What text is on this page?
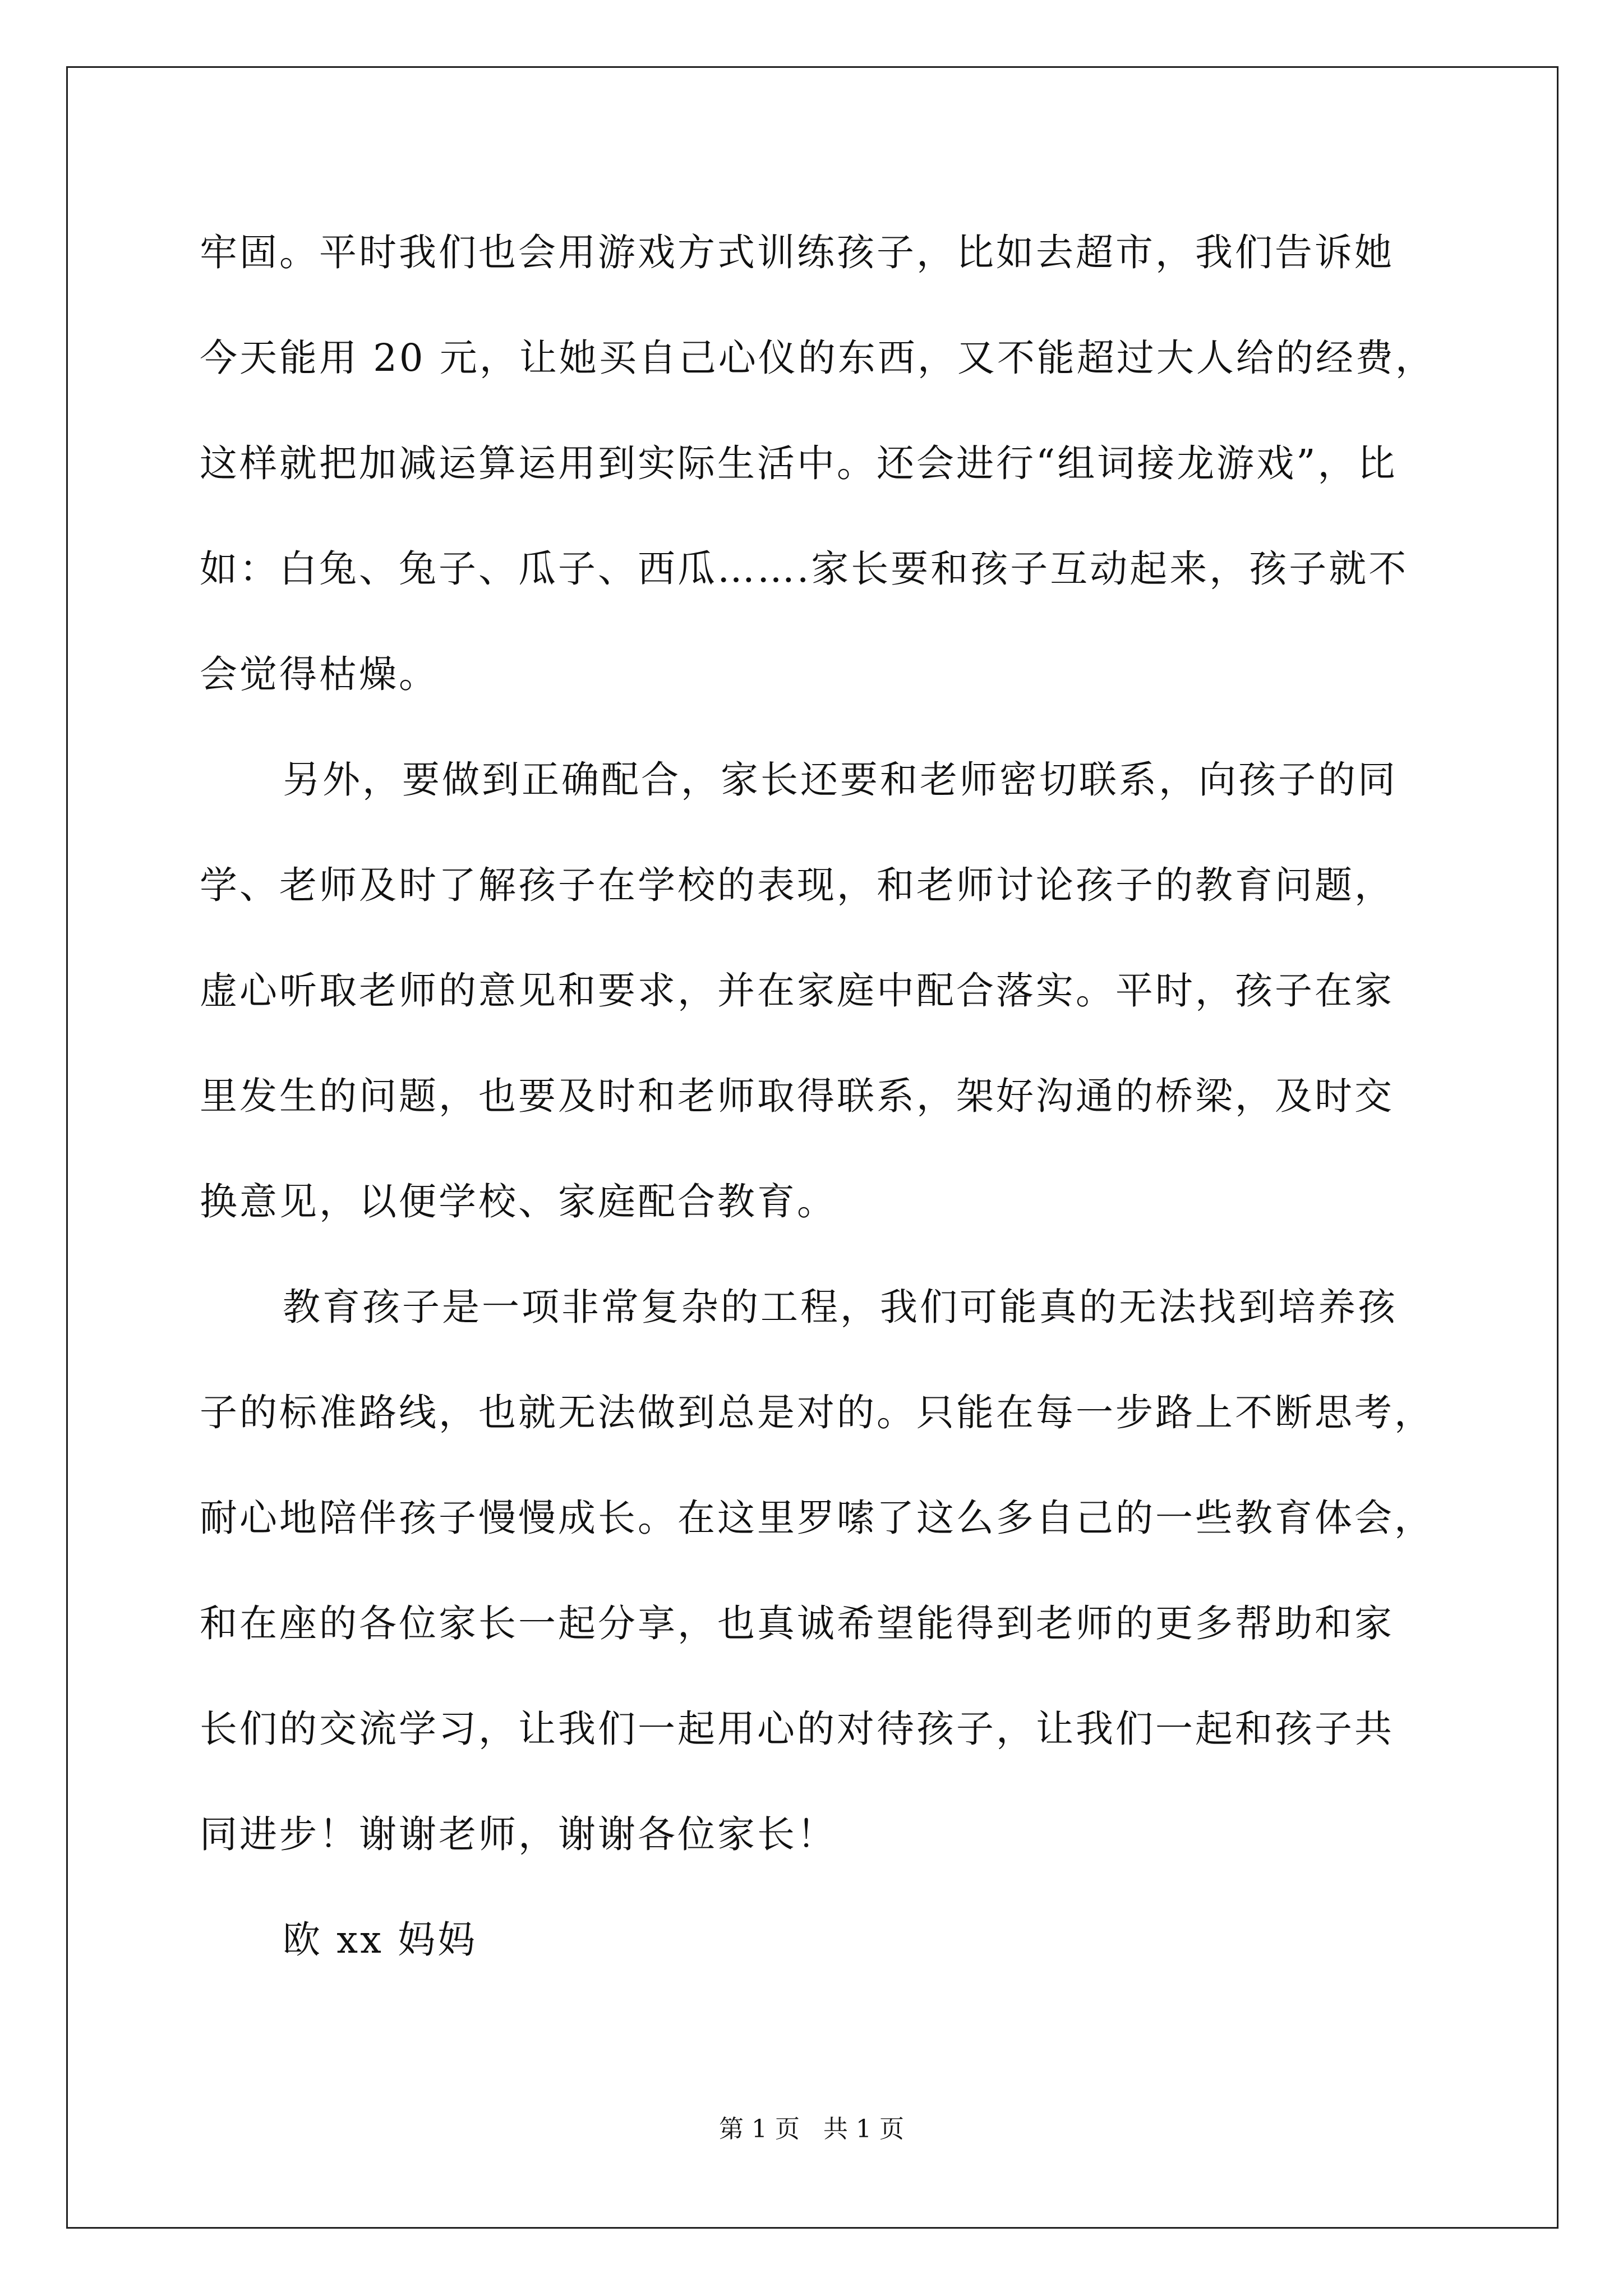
牢固。平时我们也会用游戏方式训练孩子，比如去超市，我们告诉她
今天能用 20 元，让她买自己心仪的东西，又不能超过大人给的经费，
这样就把加减运算运用到实际生活中。还会进行“组词接龙游戏”，比
如：白兔、兔子、瓜子、西瓜…….家长要和孩子互动起来，孩子就不
会觉得枯燥。
另外，要做到正确配合，家长还要和老师密切联系，向孩子的同
学、老师及时了解孩子在学校的表现，和老师讨论孩子的教育问题，
虚心听取老师的意见和要求，并在家庭中配合落实。平时，孩子在家
里发生的问题，也要及时和老师取得联系，架好沟通的桥梁，及时交
换意见，以便学校、家庭配合教育。
教育孩子是一项非常复杂的工程，我们可能真的无法找到培养孩
子的标准路线，也就无法做到总是对的。只能在每一步路上不断思考，
耐心地陪伴孩子慢慢成长。在这里罗嗦了这么多自己的一些教育体会，
和在座的各位家长一起分享，也真诚希望能得到老师的更多帮助和家
长们的交流学习，让我们一起用心的对待孩子，让我们一起和孩子共
同进步！谢谢老师，谢谢各位家长！
欧 xx 妈妈
第 1 页   共 1 页
